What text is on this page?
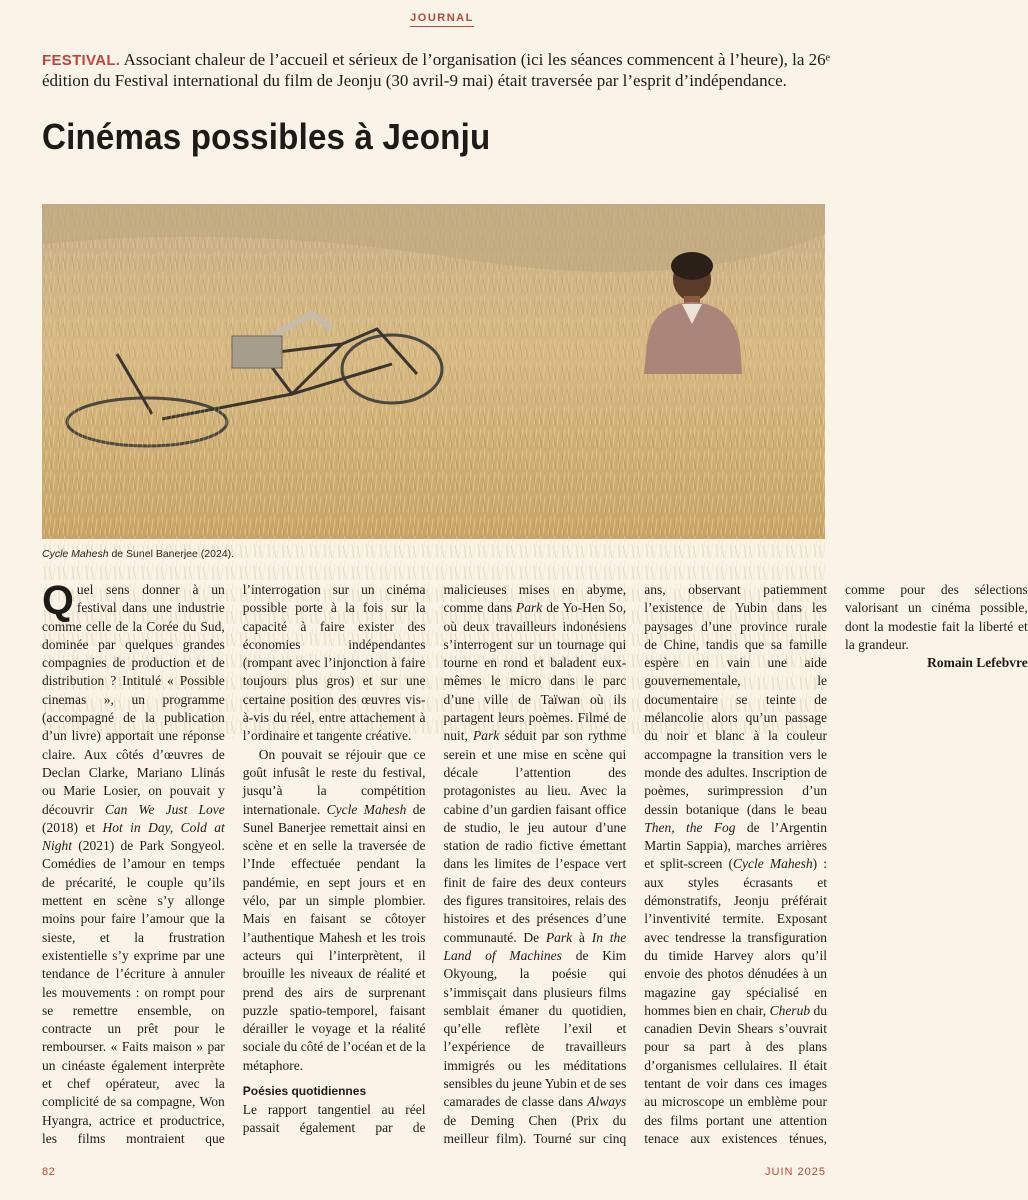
JOURNAL
FESTIVAL. Associant chaleur de l’accueil et sérieux de l’organisation (ici les séances commencent à l’heure), la 26ᵉ édition du Festival international du film de Jeonju (30 avril-9 mai) était traversée par l’esprit d’indépendance.
Cinémas possibles à Jeonju
Cycle Mahesh de Sunel Banerjee (2024).

Quel sens donner à un festival dans une industrie comme celle de la Corée du Sud, dominée par quelques grandes compagnies de production et de distribution ? Intitulé « Possible cinemas », un programme (accompagné de la publication d’un livre) apportait une réponse claire. Aux côtés d’œuvres de Declan Clarke, Mariano Llinás ou Marie Losier, on pouvait y découvrir Can We Just Love (2018) et Hot in Day, Cold at Night (2021) de Park Songyeol. Comédies de l’amour en temps de précarité, le couple qu’ils mettent en scène s’y allonge moins pour faire l’amour que la sieste, et la frustration existentielle s’y exprime par une tendance de l’écriture à annuler les mouvements : on rompt pour se remettre ensemble, on contracte un prêt pour le rembourser. « Faits maison » par un cinéaste également interprète et chef opérateur, avec la complicité de sa compagne, Won Hyangra, actrice et productrice, les films montraient que l’interrogation sur un cinéma possible porte à la fois sur la capacité à faire exister des économies indépendantes (rompant avec l’injonction à faire toujours plus gros) et sur une certaine position des œuvres vis-à-vis du réel, entre attachement à l’ordinaire et tangente créative.

On pouvait se réjouir que ce goût infusât le reste du festival, jusqu’à la compétition internationale. Cycle Mahesh de Sunel Banerjee remettait ainsi en scène et en selle la traversée de l’Inde effectuée pendant la pandémie, en sept jours et en vélo, par un simple plombier. Mais en faisant se côtoyer l’authentique Mahesh et les trois acteurs qui l’interprètent, il brouille les niveaux de réalité et prend des airs de surprenant puzzle spatio-temporel, faisant dérailler le voyage et la réalité sociale du côté de l’océan et de la métaphore.

Poésies quotidiennes

Le rapport tangentiel au réel passait également par de malicieuses mises en abyme, comme dans Park de Yo-Hen So, où deux travailleurs indonésiens s’interrogent sur un tournage qui tourne en rond et baladent eux-mêmes le micro dans le parc d’une ville de Taïwan où ils partagent leurs poèmes. Filmé de nuit, Park séduit par son rythme serein et une mise en scène qui décale l’attention des protagonistes au lieu. Avec la cabine d’un gardien faisant office de studio, le jeu autour d’une station de radio fictive émettant dans les limites de l’espace vert finit de faire des deux conteurs des figures transitoires, relais des histoires et des présences d’une communauté. De Park à In the Land of Machines de Kim Okyoung, la poésie qui s’immisçait dans plusieurs films semblait émaner du quotidien, qu’elle reflète l’exil et l’expérience de travailleurs immigrés ou les méditations sensibles du jeune Yubin et de ses camarades de classe dans Always de Deming Chen (Prix du meilleur film). Tourné sur cinq ans, observant patiemment l’existence de Yubin dans les paysages d’une province rurale de Chine, tandis que sa famille espère en vain une aide gouvernementale, le documentaire se teinte de mélancolie alors qu’un passage du noir et blanc à la couleur accompagne la transition vers le monde des adultes. Inscription de poèmes, surimpression d’un dessin botanique (dans le beau Then, the Fog de l’Argentin Martin Sappia), marches arrières et split-screen (Cycle Mahesh) : aux styles écrasants et démonstratifs, Jeonju préférait l’inventivité termite. Exposant avec tendresse la transfiguration du timide Harvey alors qu’il envoie des photos dénudées à un magazine gay spécialisé en hommes bien en chair, Cherub du canadien Devin Shears s’ouvrait pour sa part à des plans d’organismes cellulaires. Il était tentant de voir dans ces images au microscope un emblème pour des films portant une attention tenace aux existences ténues, comme pour des sélections valorisant un cinéma possible, dont la modestie fait la liberté et la grandeur.

Romain Lefebvre

82	JUIN 2025
